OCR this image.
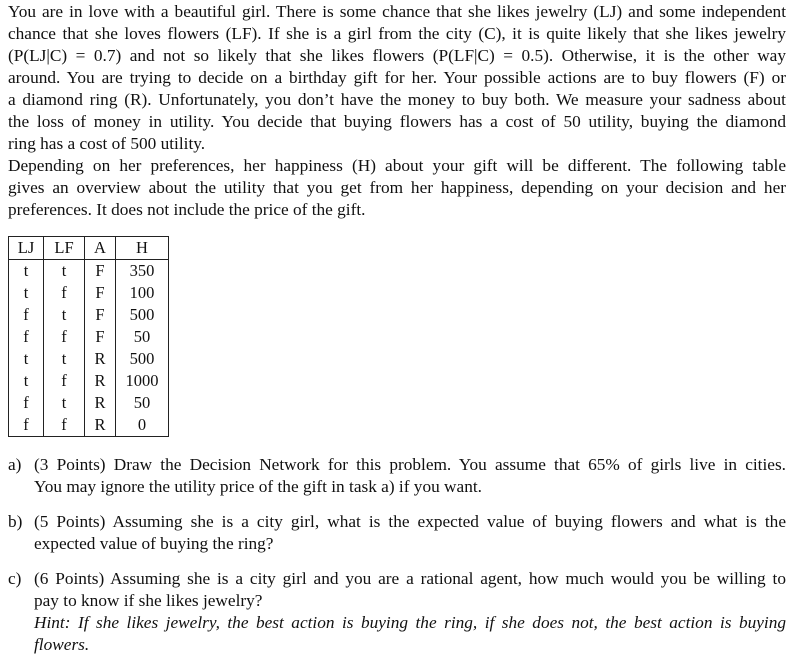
You are in love with a beautiful girl. There is some chance that she likes jewelry (LJ) and some independent
chance that she loves flowers (LF). If she is a girl from the city (C), it is quite likely that she likes jewelry
(P(LJ|C) = 0.7) and not so likely that she likes flowers (P(LF|C) = 0.5). Otherwise, it is the other way
around. You are trying to decide on a birthday gift for her. Your possible actions are to buy flowers (F) or
a diamond ring (R). Unfortunately, you don’t have the money to buy both. We measure your sadness about
the loss of money in utility. You decide that buying flowers has a cost of 50 utility, buying the diamond
ring has a cost of 500 utility.

Depending on her preferences, her happiness (H) about your gift will be different. The following table
gives an overview about the utility that you get from her happiness, depending on your decision and her
preferences. It does not include the price of the gift.

LJ	LF	A	H
t	t	F	350
t	f	F	100
f	t	F	500
f	f	F	50
t	t	R	500
t	f	R	1000
f	t	R	50
f	f	R	0
a) (3 Points) Draw the Decision Network for this problem. You assume that 65% of girls live in cities.
You may ignore the utility price of the gift in task a) if you want.
b) (5 Points) Assuming she is a city girl, what is the expected value of buying flowers and what is the
expected value of buying the ring?
c) (6 Points) Assuming she is a city girl and you are a rational agent, how much would you be willing to
pay to know if she likes jewelry?
Hint: If she likes jewelry, the best action is buying the ring, if she does not, the best action is buying
flowers.
